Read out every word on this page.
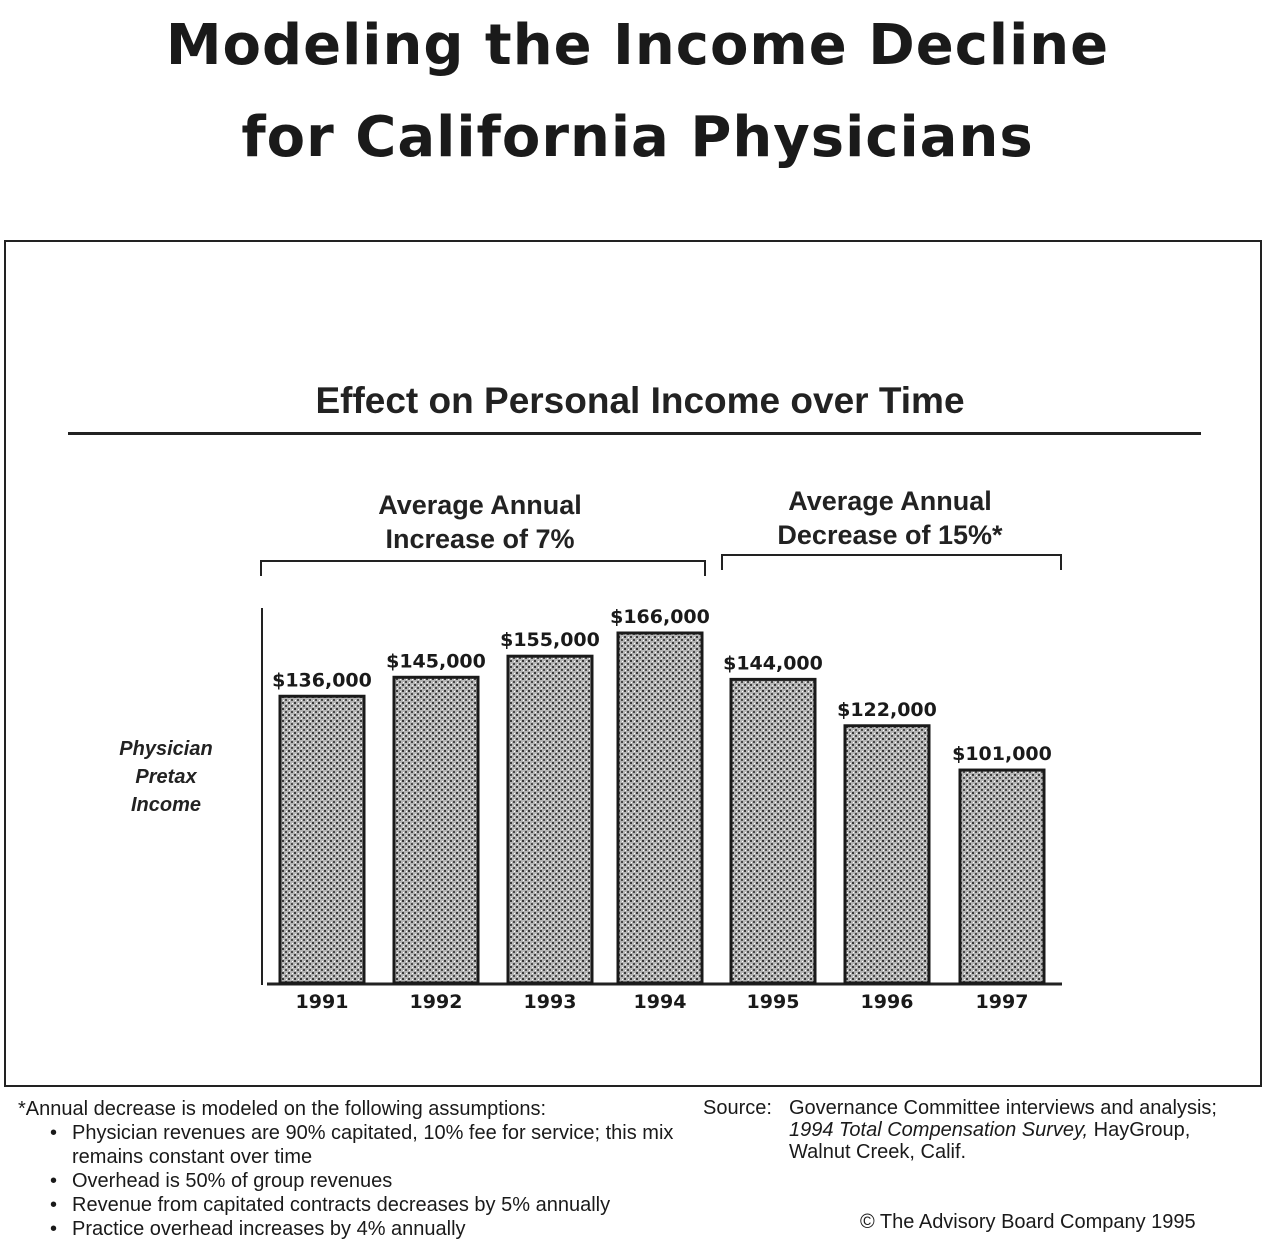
Modeling the Income Decline
for California Physicians
Effect on Personal Income over Time
Average Annual
Increase of 7%
Average Annual
Decrease of 15%*
Physician
Pretax
Income
$136,000
1991
$145,000
1992
$155,000
1993
$166,000
1994
$144,000
1995
$122,000
1996
$101,000
1997
*Annual decrease is modeled on the following assumptions:
• Physician revenues are 90% capitated, 10% fee for service; this mix remains constant over time
• Overhead is 50% of group revenues
• Revenue from capitated contracts decreases by 5% annually
• Practice overhead increases by 4% annually
Source: Governance Committee interviews and analysis;
1994 Total Compensation Survey, HayGroup,
Walnut Creek, Calif.
© The Advisory Board Company 1995
